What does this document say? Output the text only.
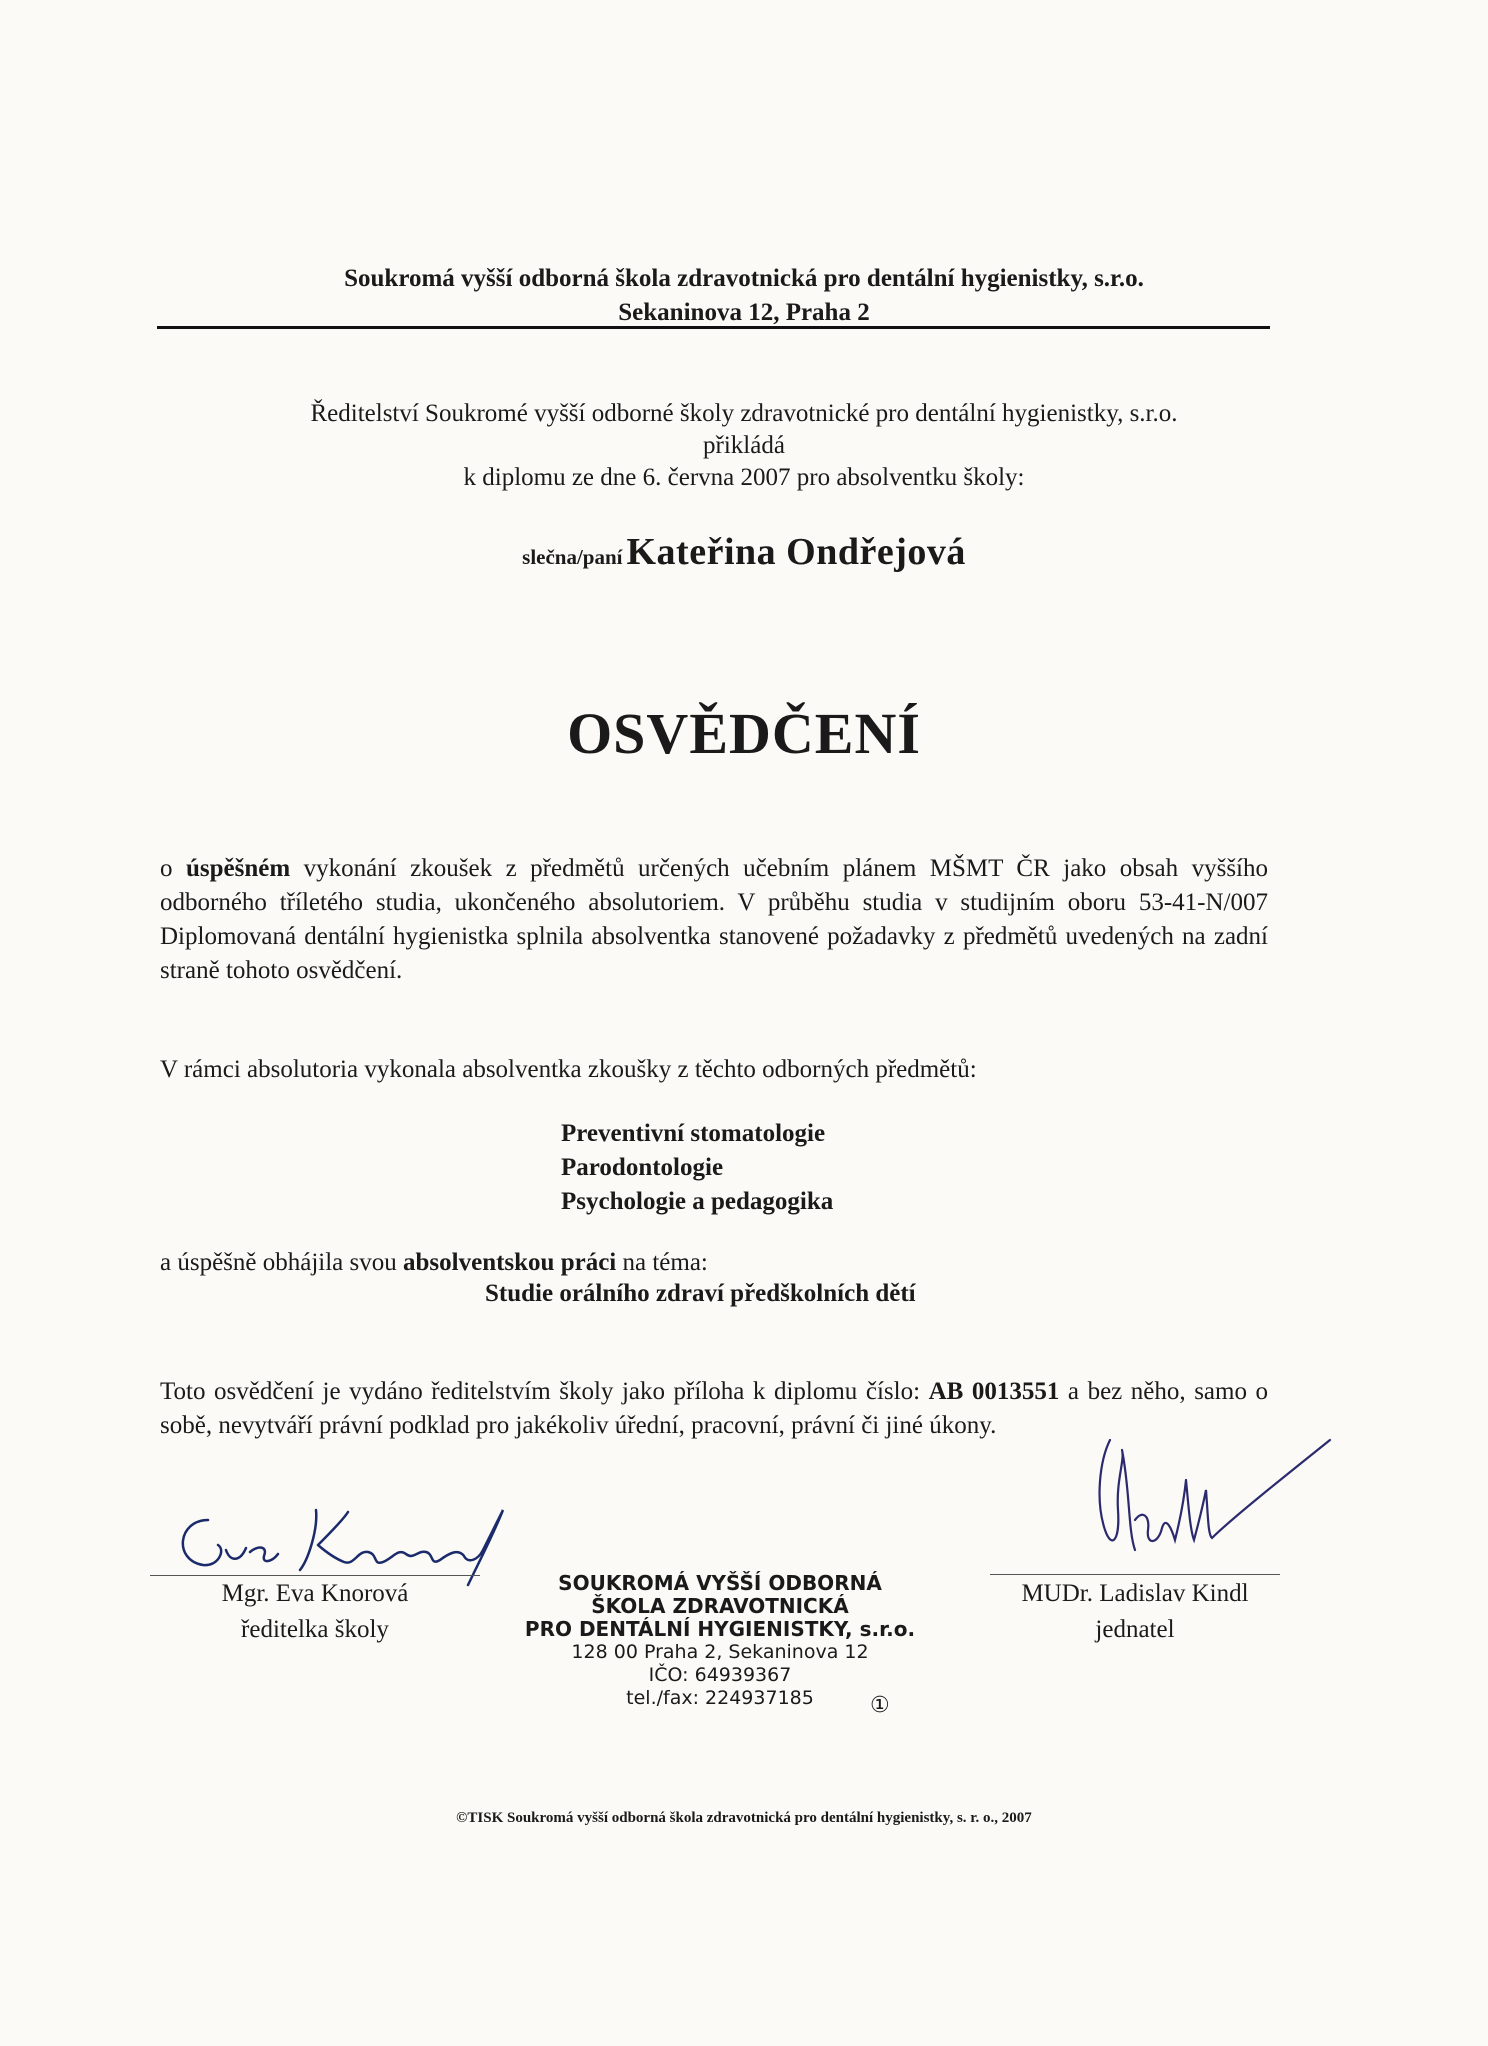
Soukromá vyšší odborná škola zdravotnická pro dentální hygienistky, s.r.o.
Sekaninova 12, Praha 2
Ředitelství Soukromé vyšší odborné školy zdravotnické pro dentální hygienistky, s.r.o.
přikládá
k diplomu ze dne 6. června 2007 pro absolventku školy:
slečna/paní Kateřina Ondřejová
OSVĚDČENÍ
o úspěšném vykonání zkoušek z předmětů určených učebním plánem MŠMT ČR jako obsah vyššího odborného tříletého studia, ukončeného absolutoriem. V průběhu studia v studijním oboru 53-41-N/007 Diplomovaná dentální hygienistka splnila absolventka stanovené požadavky z předmětů uvedených na zadní straně tohoto osvědčení.
V rámci absolutoria vykonala absolventka zkoušky z těchto odborných předmětů:
Preventivní stomatologie
Parodontologie
Psychologie a pedagogika
a úspěšně obhájila svou absolventskou práci na téma:
Studie orálního zdraví předškolních dětí
Toto osvědčení je vydáno ředitelstvím školy jako příloha k diplomu číslo: AB 0013551 a bez něho, samo o sobě, nevytváří právní podklad pro jakékoliv úřední, pracovní, právní či jiné úkony.
Mgr. Eva Knorová
ředitelka školy
MUDr. Ladislav Kindl
jednatel
SOUKROMÁ VYŠŠÍ ODBORNÁ
ŠKOLA ZDRAVOTNICKÁ
PRO DENTÁLNÍ HYGIENISTKY, s.r.o.
128 00 Praha 2, Sekaninova 12
IČO: 64939367
tel./fax: 224937185	①
©TISK Soukromá vyšší odborná škola zdravotnická pro dentální hygienistky, s. r. o., 2007
